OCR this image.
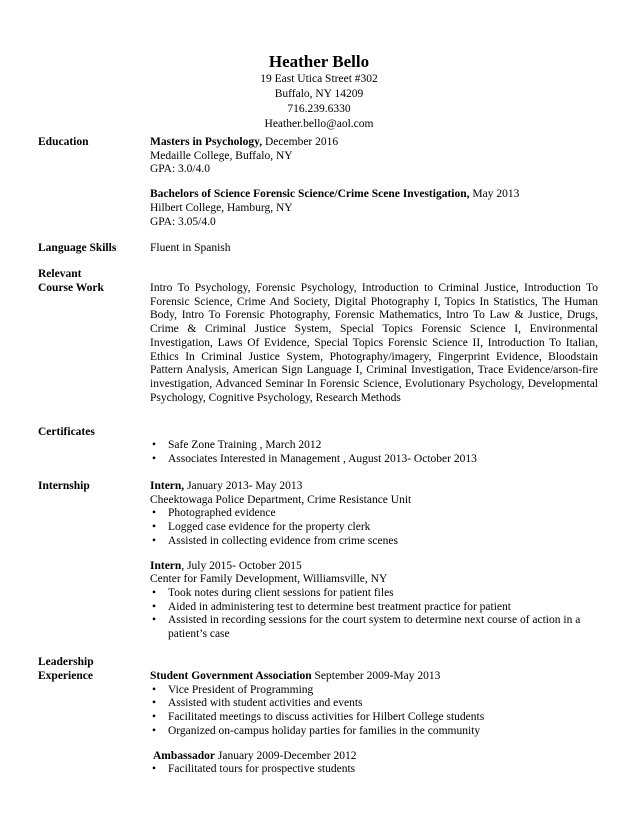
Heather Bello
19 East Utica Street #302
Buffalo, NY 14209
716.239.6330
Heather.bello@aol.com
Education	Masters in Psychology, December 2016
Medaille College, Buffalo, NY
GPA: 3.0/4.0
Bachelors of Science Forensic Science/Crime Scene Investigation, May 2013
Hilbert College, Hamburg, NY
GPA: 3.05/4.0
Language Skills	Fluent in Spanish
Relevant
Course Work	Intro To Psychology, Forensic Psychology, Introduction to Criminal Justice, Introduction To Forensic Science, Crime And Society, Digital Photography I, Topics In Statistics, The Human Body, Intro To Forensic Photography, Forensic Mathematics, Intro To Law & Justice, Drugs, Crime & Criminal Justice System, Special Topics Forensic Science I, Environmental Investigation, Laws Of Evidence, Special Topics Forensic Science II, Introduction To Italian, Ethics In Criminal Justice System, Photography/imagery, Fingerprint Evidence, Bloodstain Pattern Analysis, American Sign Language I, Criminal Investigation, Trace Evidence/arson-fire investigation, Advanced Seminar In Forensic Science, Evolutionary Psychology, Developmental Psychology, Cognitive Psychology, Research Methods
Certificates
• Safe Zone Training , March 2012
• Associates Interested in Management , August 2013- October 2013
Internship	Intern, January 2013- May 2013
Cheektowaga Police Department, Crime Resistance Unit
• Photographed evidence
• Logged case evidence for the property clerk
• Assisted in collecting evidence from crime scenes
Intern, July 2015- October 2015
Center for Family Development, Williamsville, NY
• Took notes during client sessions for patient files
• Aided in administering test to determine best treatment practice for patient
• Assisted in recording sessions for the court system to determine next course of action in a patient’s case
Leadership
Experience	Student Government Association September 2009-May 2013
• Vice President of Programming
• Assisted with student activities and events
• Facilitated meetings to discuss activities for Hilbert College students
• Organized on-campus holiday parties for families in the community
Ambassador January 2009-December 2012
• Facilitated tours for prospective students
